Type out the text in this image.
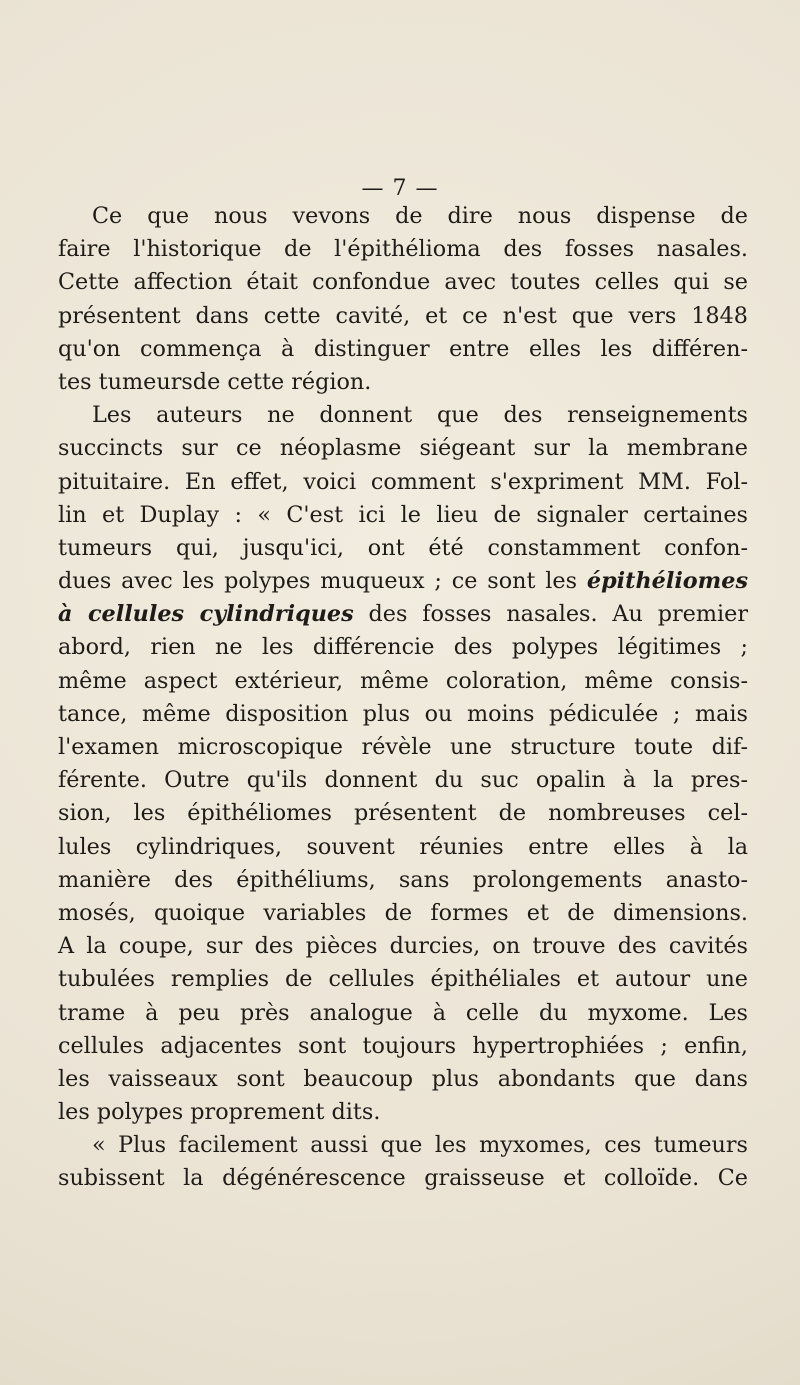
— 7 —
Ce que nous vevons de dire nous dispense de
faire l'historique de l'épithélioma des fosses nasales.
Cette affection était confondue avec toutes celles qui se
présentent dans cette cavité, et ce n'est que vers 1848
qu'on commença à distinguer entre elles les différen-
tes tumeursde cette région.
Les auteurs ne donnent que des renseignements
succincts sur ce néoplasme siégeant sur la membrane
pituitaire. En effet, voici comment s'expriment MM. Fol-
lin et Duplay : « C'est ici le lieu de signaler certaines
tumeurs qui, jusqu'ici, ont été constamment confon-
dues avec les polypes muqueux ; ce sont les épithéliomes
à cellules cylindriques des fosses nasales. Au premier
abord, rien ne les différencie des polypes légitimes ;
même aspect extérieur, même coloration, même consis-
tance, même disposition plus ou moins pédiculée ; mais
l'examen microscopique révèle une structure toute dif-
férente. Outre qu'ils donnent du suc opalin à la pres-
sion, les épithéliomes présentent de nombreuses cel-
lules cylindriques, souvent réunies entre elles à la
manière des épithéliums, sans prolongements anasto-
mosés, quoique variables de formes et de dimensions.
A la coupe, sur des pièces durcies, on trouve des cavités
tubulées remplies de cellules épithéliales et autour une
trame à peu près analogue à celle du myxome. Les
cellules adjacentes sont toujours hypertrophiées ; enfin,
les vaisseaux sont beaucoup plus abondants que dans
les polypes proprement dits.
« Plus facilement aussi que les myxomes, ces tumeurs
subissent la dégénérescence graisseuse et colloïde. Ce
